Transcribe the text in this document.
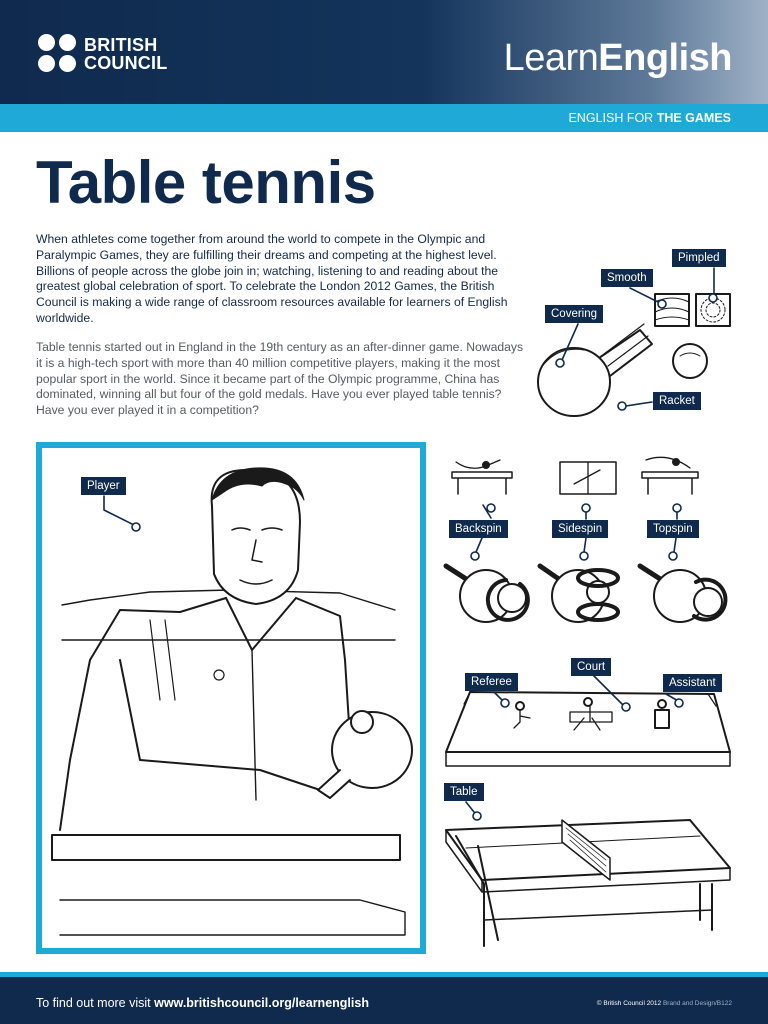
BRITISH
COUNCIL	LearnEnglish
ENGLISH FOR THE GAMES
Table tennis

When athletes come together from around the world to compete in the Olympic and Paralympic Games, they are fulfilling their dreams and competing at the highest level. Billions of people across the globe join in; watching, listening to and reading about the greatest global celebration of sport. To celebrate the London 2012 Games, the British Council is making a wide range of classroom resources available for learners of English worldwide.

Table tennis started out in England in the 19th century as an after-dinner game. Nowadays it is a high-tech sport with more than 40 million competitive players, making it the most popular sport in the world. Since it became part of the Olympic programme, China has dominated, winning all but four of the gold medals. Have you ever played table tennis? Have you ever played it in a competition?

Pimpled
Smooth
Covering
Racket
Player
Backspin	Sidespin	Topspin
Court
Referee	Assistant
Table
To find out more visit www.britishcouncil.org/learnenglish	© British Council 2012 Brand and Design/B122
